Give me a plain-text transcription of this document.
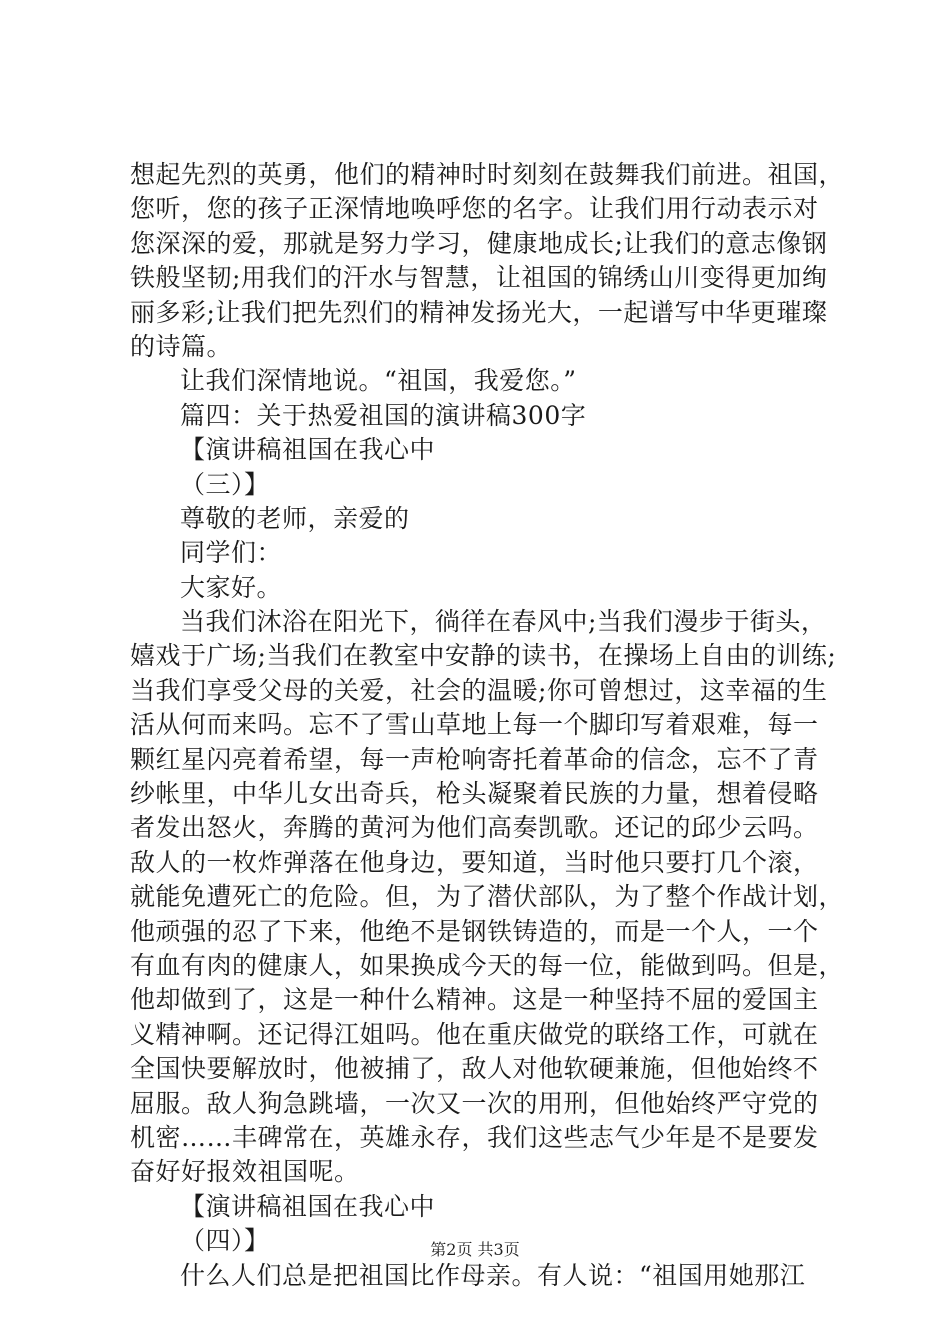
想起先烈的英勇，他们的精神时时刻刻在鼓舞我们前进。祖国，
您听，您的孩子正深情地唤呼您的名字。让我们用行动表示对
您深深的爱，那就是努力学习，健康地成长;让我们的意志像钢
铁般坚韧;用我们的汗水与智慧，让祖国的锦绣山川变得更加绚
丽多彩;让我们把先烈们的精神发扬光大，一起谱写中华更璀璨
的诗篇。
让我们深情地说。“祖国，我爱您。”
篇四：关于热爱祖国的演讲稿300字
【演讲稿祖国在我心中
（三）】
尊敬的老师，亲爱的
同学们：
大家好。
当我们沐浴在阳光下，徜徉在春风中;当我们漫步于街头，
嬉戏于广场;当我们在教室中安静的读书，在操场上自由的训练;
当我们享受父母的关爱，社会的温暖;你可曾想过，这幸福的生
活从何而来吗。忘不了雪山草地上每一个脚印写着艰难，每一
颗红星闪亮着希望，每一声枪响寄托着革命的信念，忘不了青
纱帐里，中华儿女出奇兵，枪头凝聚着民族的力量，想着侵略
者发出怒火，奔腾的黄河为他们高奏凯歌。还记的邱少云吗。
敌人的一枚炸弹落在他身边，要知道，当时他只要打几个滚，
就能免遭死亡的危险。但，为了潜伏部队，为了整个作战计划，
他顽强的忍了下来，他绝不是钢铁铸造的，而是一个人，一个
有血有肉的健康人，如果换成今天的每一位，能做到吗。但是，
他却做到了，这是一种什么精神。这是一种坚持不屈的爱国主
义精神啊。还记得江姐吗。他在重庆做党的联络工作，可就在
全国快要解放时，他被捕了，敌人对他软硬兼施，但他始终不
屈服。敌人狗急跳墙，一次又一次的用刑，但他始终严守党的
机密……丰碑常在，英雄永存，我们这些志气少年是不是要发
奋好好报效祖国呢。
【演讲稿祖国在我心中
（四）】
什么人们总是把祖国比作母亲。有人说：“祖国用她那江
第2页 共3页
